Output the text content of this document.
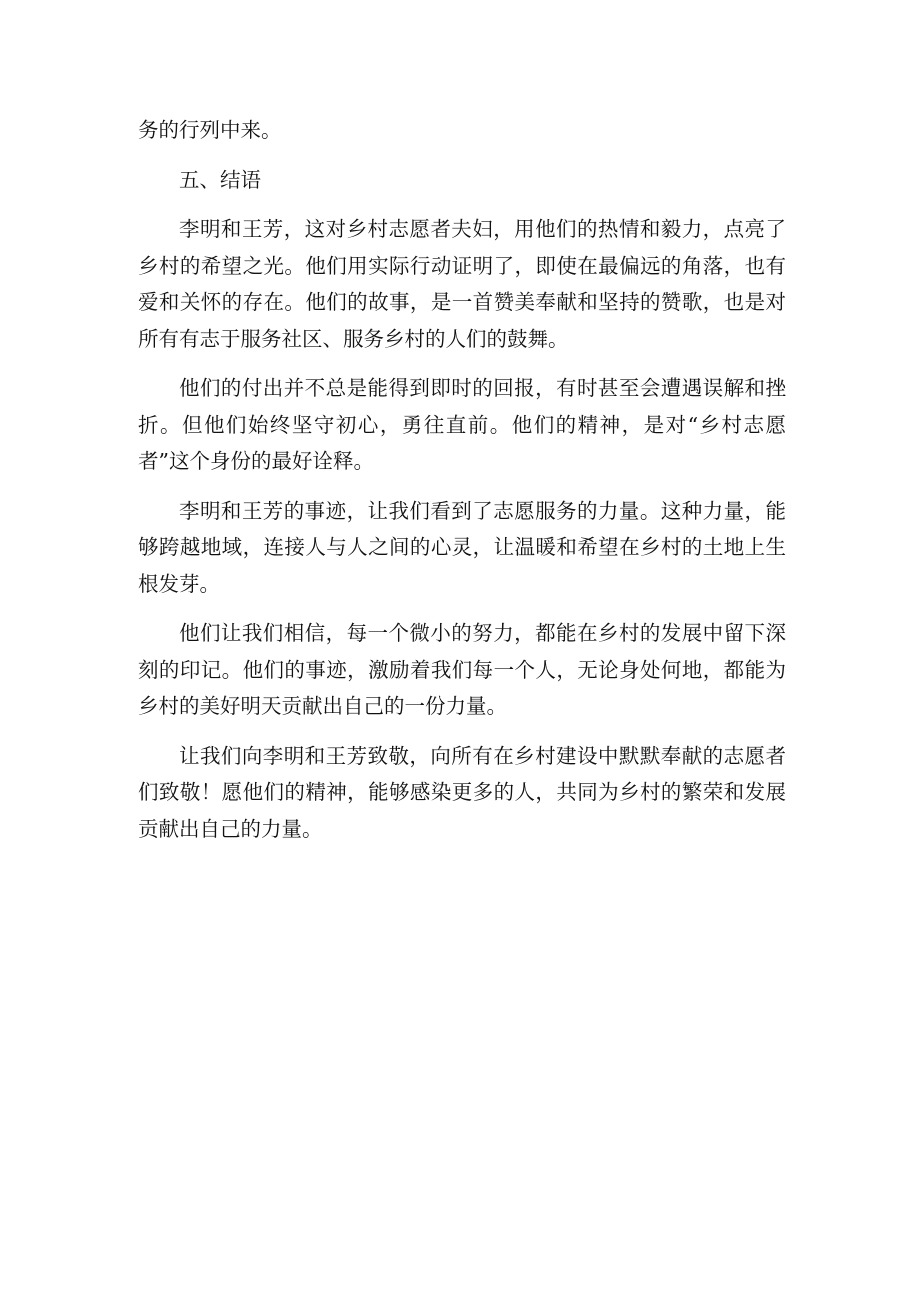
务的行列中来。

五、结语

李明和王芳，这对乡村志愿者夫妇，用他们的热情和毅力，点亮了乡村的希望之光。他们用实际行动证明了，即使在最偏远的角落，也有爱和关怀的存在。他们的故事，是一首赞美奉献和坚持的赞歌，也是对所有有志于服务社区、服务乡村的人们的鼓舞。

他们的付出并不总是能得到即时的回报，有时甚至会遭遇误解和挫折。但他们始终坚守初心，勇往直前。他们的精神，是对“乡村志愿者”这个身份的最好诠释。

李明和王芳的事迹，让我们看到了志愿服务的力量。这种力量，能够跨越地域，连接人与人之间的心灵，让温暖和希望在乡村的土地上生根发芽。

他们让我们相信，每一个微小的努力，都能在乡村的发展中留下深刻的印记。他们的事迹，激励着我们每一个人，无论身处何地，都能为乡村的美好明天贡献出自己的一份力量。

让我们向李明和王芳致敬，向所有在乡村建设中默默奉献的志愿者们致敬！愿他们的精神，能够感染更多的人，共同为乡村的繁荣和发展贡献出自己的力量。
